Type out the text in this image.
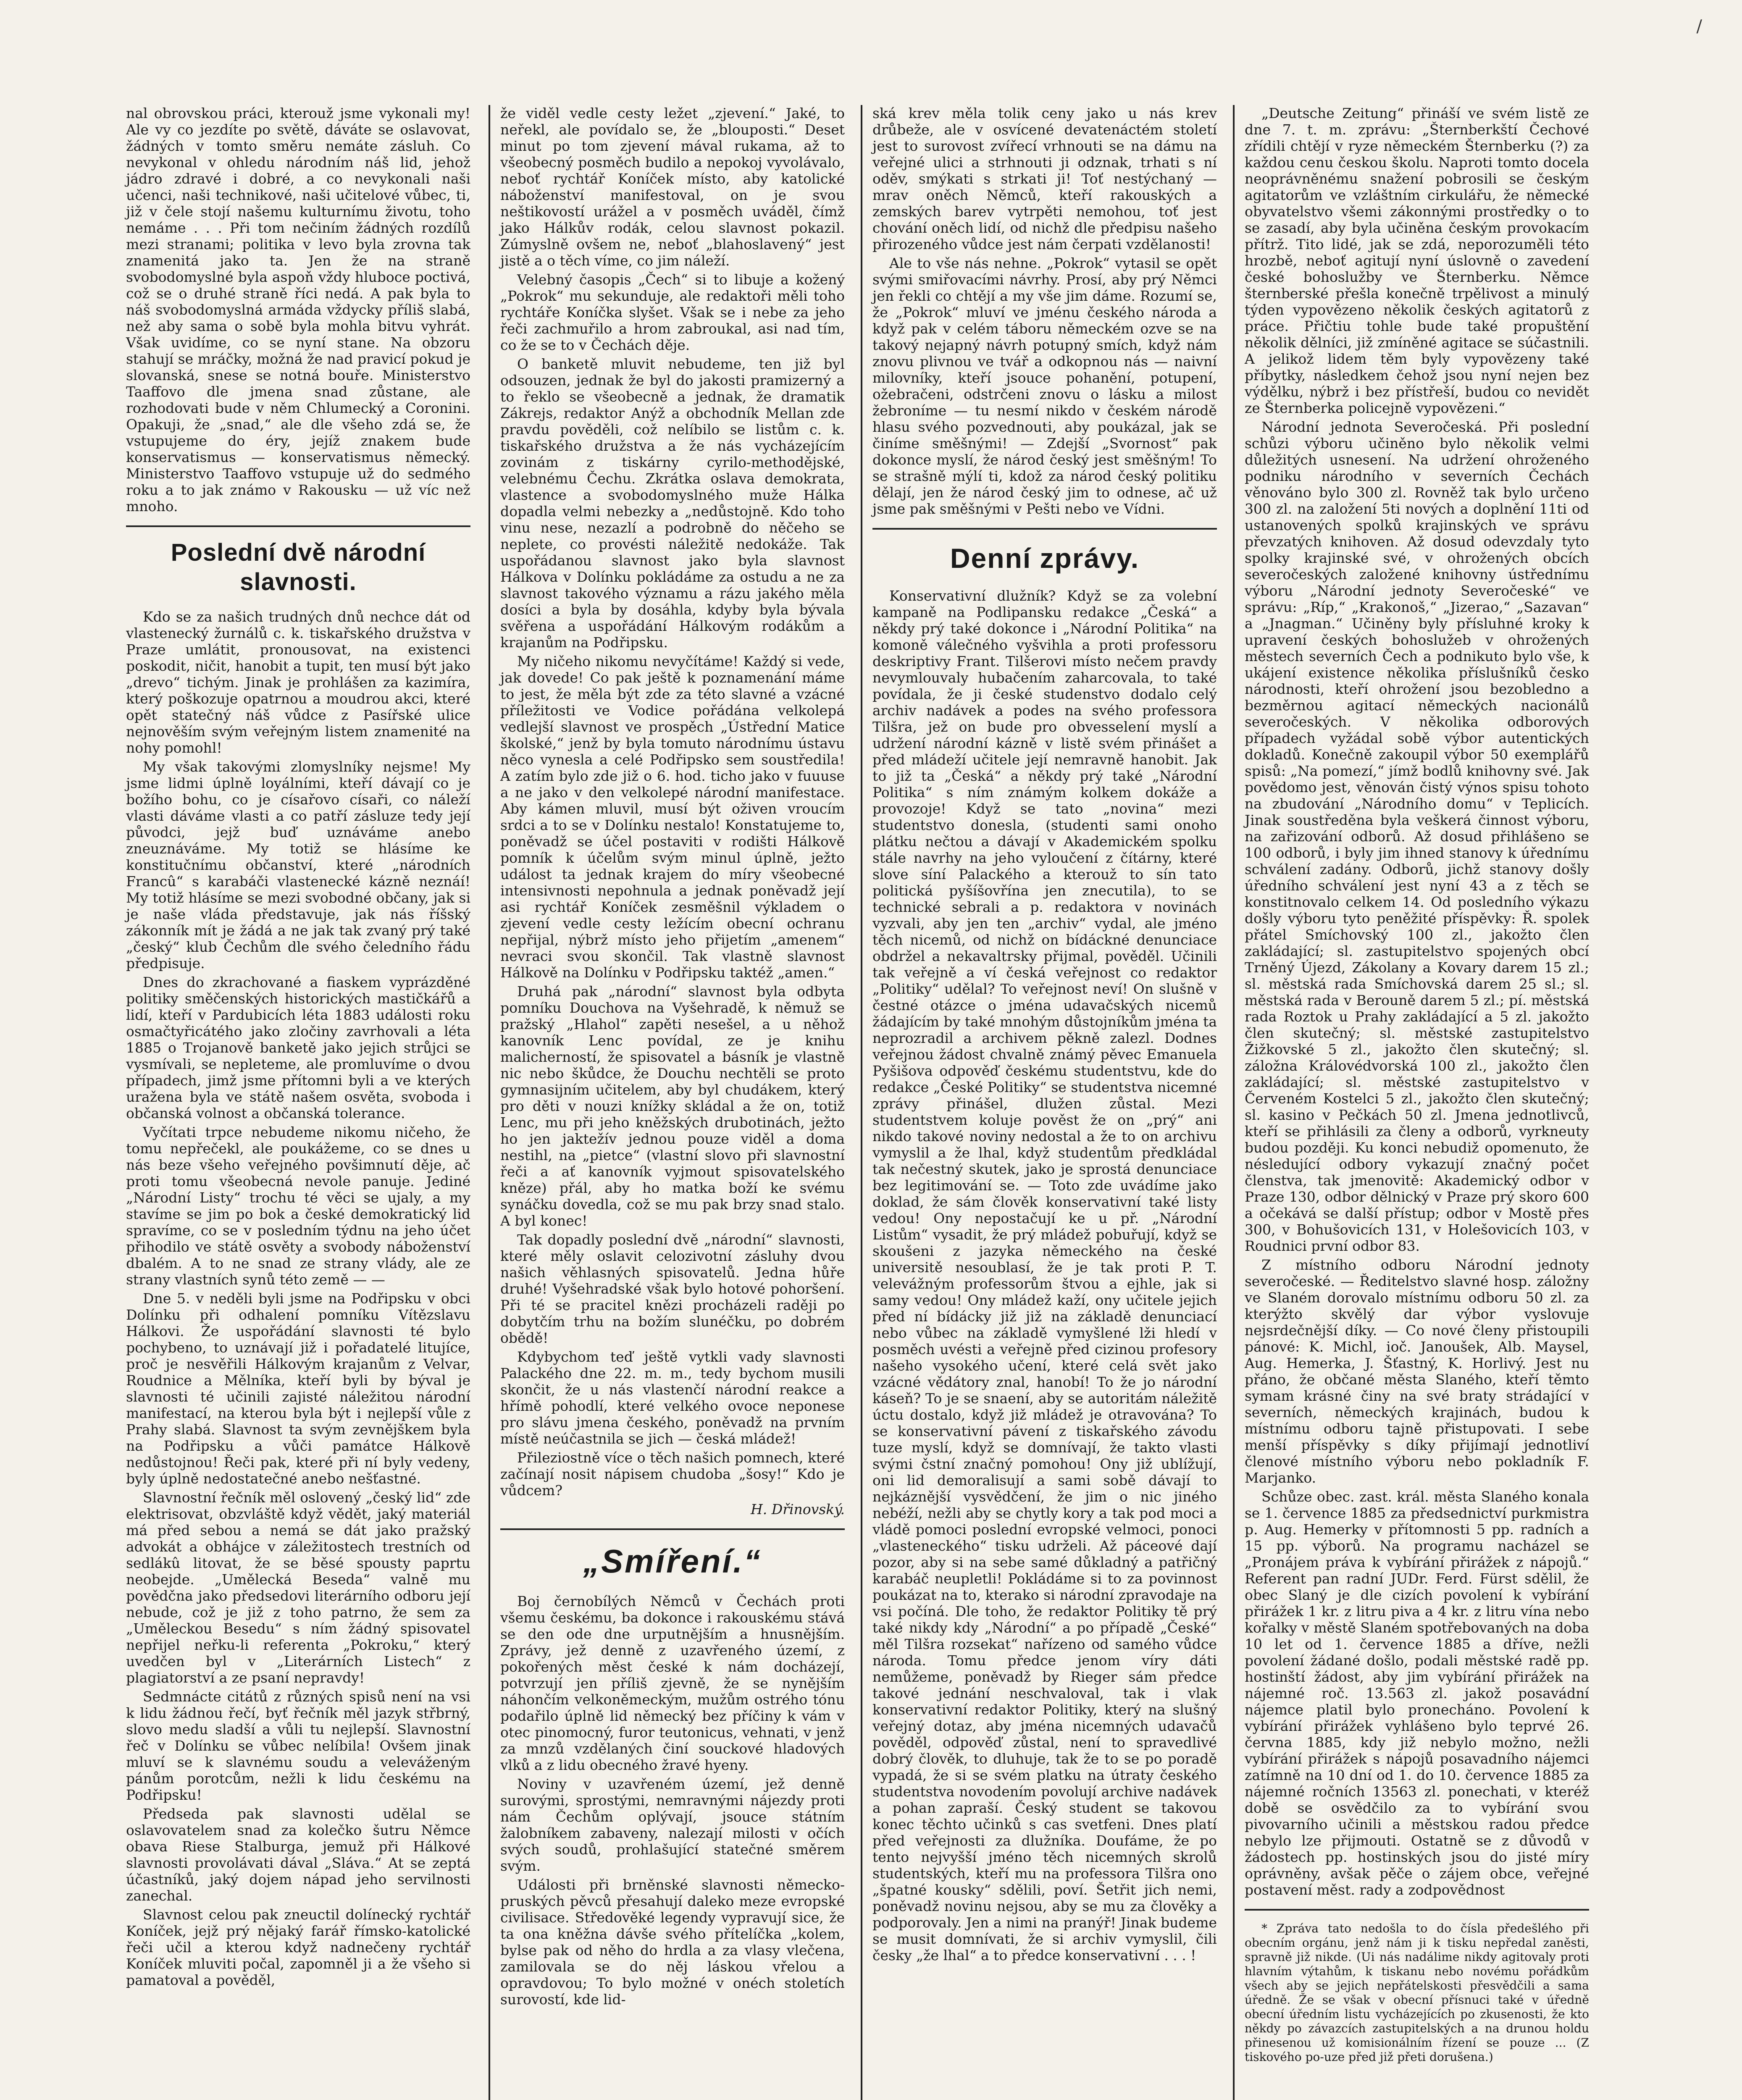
/

nal obrovskou práci, kterouž jsme vykonali my! Ale vy co jezdíte po světě, dáváte se oslavovat, žádných v tomto směru nemáte zásluh. Co nevykonal v ohledu národním náš lid, jehož jádro zdravé i dobré, a co nevykonali naši učenci, naši technikové, naši učitelové vůbec, ti, již v čele stojí našemu kulturnímu životu, toho nemáme . . . Při tom nečiním žádných rozdílů mezi stranami; politika v levo byla zrovna tak znamenitá jako ta. Jen že na straně svobodomyslné byla aspoň vždy hluboce poctivá, což se o druhé straně říci nedá. A pak byla to náš svobodomyslná armáda vždycky příliš slabá, než aby sama o sobě byla mohla bitvu vyhrát. Však uvidíme, co se nyní stane. Na obzoru stahují se mráčky, možná že nad pravicí pokud je slovanská, snese se notná bouře. Ministerstvo Taaffovo dle jmena snad zůstane, ale rozhodovati bude v něm Chlumecký a Coronini. Opakuji, že „snad,“ ale dle všeho zdá se, že vstupujeme do éry, jejíž znakem bude konservatismus — konservatismus německý. Ministerstvo Taaffovo vstupuje už do sedmého roku a to jak známo v Rakousku — už víc než mnoho.

Poslední dvě národní slavnosti.

Kdo se za našich trudných dnů nechce dát od vlastenecký žurnálů c. k. tiskařského družstva v Praze umlátit, pronousovat, na existenci poskodit, ničit, hanobit a tupit, ten musí být jako „drevo“ tichým. Jinak je prohlášen za kazimíra, který poškozuje opatrnou a moudrou akci, které opět statečný náš vůdce z Pasířské ulice nejnověším svým veřejným listem znamenité na nohy pomohl!

My však takovými zlomyslníky nejsme! My jsme lidmi úplně loyálními, kteří dávají co je božího bohu, co je císařovo císaři, co náleží vlasti dáváme vlasti a co patří zásluze tedy její původci, jejž buď uznáváme anebo zneuznáváme. My totiž se hlásíme ke konstitučnímu občanství, které „národních Francû“ s karabáči vlastenecké kázně neznáí! My totiž hlásíme se mezi svobodné občany, jak si je naše vláda představuje, jak nás říšský zákonník mít je žádá a ne jak tak zvaný prý také „český“ klub Čechům dle svého čeledního řádu předpisuje.

Dnes do zkrachované a fiaskem vyprázděné politiky směčenských historických mastičkářů a lidí, kteří v Pardubicích léta 1883 události roku osmačtyřicátého jako zločiny zavrhovali a léta 1885 o Trojanově banketě jako jejich strůjci se vysmívali, se nepleteme, ale promluvíme o dvou případech, jimž jsme přítomni byli a ve kterých uražena byla ve státě našem osvěta, svoboda i občanská volnost a občanská tolerance.

Vyčítati trpce nebudeme nikomu ničeho, že tomu nepřečekl, ale poukážeme, co se dnes u nás beze všeho veřejného povšimnutí děje, ač proti tomu všeobecná nevole panuje. Jediné „Národní Listy“ trochu té věci se ujaly, a my stavíme se jim po bok a české demokratický lid spravíme, co se v posledním týdnu na jeho účet přihodilo ve státě osvěty a svobody náboženství dbalém. A to ne snad ze strany vlády, ale ze strany vlastních synů této země — —

Dne 5. v neděli byli jsme na Podřipsku v obci Dolínku při odhalení pomníku Vítězslavu Hálkovi. Že uspořádání slavnosti té bylo pochybeno, to uznávají již i pořadatelé litujíce, proč je nesvěřili Hálkovým krajanům z Velvar, Roudnice a Mělníka, kteří byli by býval je slavnosti té učinili zajisté náležitou národní manifestací, na kterou byla být i nejlepší vůle z Prahy slabá. Slavnost ta svým zevnějškem byla na Podřipsku a vůči památce Hálkově nedůstojnou! Řeči pak, které při ní byly vedeny, byly úplně nedostatečné anebo nešťastné.

Slavnostní řečník měl oslovený „český lid“ zde elektrisovat, obzvláště když vědět, jaký materiál má před sebou a nemá se dát jako pražský advokát a obhájce v záležitostech trestních od sedlákû litovat, že se běsé spousty paprtu neobejde. „Umělecká Beseda“ valně mu povědčna jako předsedovi literárního odboru její nebude, což je již z toho patrno, že sem za „Uměleckou Besedu“ s ním žádný spisovatel nepřijel neřku-li referenta „Pokroku,“ který uvedčen byl v „Literárních Listech“ z plagiatorství a ze psaní nepravdy!

Sedmnácte citátů z různých spisů není na vsi k lidu žádnou řečí, byť řečník měl jazyk střbrný, slovo medu sladší a vůli tu nejlepší. Slavnostní řeč v Dolínku se vůbec nelíbila! Ovšem jinak mluví se k slavnému soudu a veleváženým pánům porotcům, nežli k lidu českému na Podřipsku!

Předseda pak slavnosti udělal se oslavovatelem snad za kolečko šutru Němce obava Riese Stalburga, jemuž při Hálkové slavnosti provolávati dával „Sláva.“ At se zeptá účastníků, jaký dojem nápad jeho servilnosti zanechal.

Slavnost celou pak zneuctil dolínecký rychtář Koníček, jejž prý nějaký farář římsko-katolické řeči učil a kterou když nadnečeny rychtář Koníček mluviti počal, zapomněl ji a že všeho si pamatoval a pověděl,

že viděl vedle cesty ležet „zjevení.“ Jaké, to neřekl, ale povídalo se, že „blouposti.“ Deset minut po tom zjevení mával rukama, až to všeobecný posměch budilo a nepokoj vyvolávalo, neboť rychtář Koníček místo, aby katolické náboženství manifestoval, on je svou neštikovostí urážel a v posměch uváděl, čímž jako Hálkův rodák, celou slavnost pokazil. Zúmyslně ovšem ne, neboť „blahoslavený“ jest jistě a o těch víme, co jim náleží.

Velebný časopis „Čech“ si to libuje a kožený „Pokrok“ mu sekunduje, ale redaktoři měli toho rychtáře Koníčka slyšet. Však se i nebe za jeho řeči zachmuřilo a hrom zabroukal, asi nad tím, co že se to v Čechách děje.

O banketě mluvit nebudeme, ten již byl odsouzen, jednak že byl do jakosti pramizerný a to řeklo se všeobecně a jednak, že dramatik Zákrejs, redaktor Anýž a obchodník Mellan zde pravdu pověděli, což nelíbilo se listům c. k. tiskařského družstva a že nás vycházejícím zovinám z tiskárny cyrilo-methodějské, velebnému Čechu. Zkrátka oslava demokrata, vlastence a svobodomyslného muže Hálka dopadla velmi nebezky a „nedůstojně. Kdo toho vinu nese, nezazlí a podrobně do něčeho se neplete, co provésti náležitě nedokáže. Tak uspořádanou slavnost jako byla slavnost Hálkova v Dolínku pokládáme za ostudu a ne za slavnost takového významu a rázu jakého měla dosíci a byla by dosáhla, kdyby byla bývala svěřena a uspořádání Hálkovým rodákům a krajanům na Podřipsku.

My ničeho nikomu nevyčítáme! Každý si vede, jak dovede! Co pak ještě k poznamenání máme to jest, že měla být zde za této slavné a vzácné příležitosti ve Vodice pořádána velkolepá vedlejší slavnost ve prospěch „Ústřední Matice školské,“ jenž by byla tomuto národnímu ústavu něco vynesla a celé Podřipsko sem soustředila! A zatím bylo zde již o 6. hod. ticho jako v fuuuse a ne jako v den velkolepé národní manifestace. Aby kámen mluvil, musí být oživen vroucím srdci a to se v Dolínku nestalo! Konstatujeme to, poněvadž se účel postaviti v rodišti Hálkově pomník k účelům svým minul úplně, ježto událost ta jednak krajem do míry všeobecné intensivnosti nepohnula a jednak poněvadž její asi rychtář Koníček zesměšnil výkladem o zjevení vedle cesty ležícím obecní ochranu nepřijal, nýbrž místo jeho přijetím „amenem“ nevraci svou skončil. Tak vlastně slavnost Hálkově na Dolínku v Podřipsku taktéž „amen.“

Druhá pak „národní“ slavnost byla odbyta pomníku Douchova na Vyšehradě, k němuž se pražský „Hlahol“ zapěti nesešel, a u něhož kanovník Lenc povídal, ze je knihu malicherností, že spisovatel a básník je vlastně nic nebo škůdce, že Douchu nechtěli se proto gymnasijním učitelem, aby byl chudákem, který pro děti v nouzi knížky skládal a že on, totiž Lenc, mu při jeho kněžských drubotinách, ježto ho jen jaktežív jednou pouze viděl a doma nestihl, na „pietce“ (vlastní slovo při slavnostní řeči a ať kanovník vyjmout spisovatelského kněze) přál, aby ho matka boží ke svému synáčku dovedla, což se mu pak brzy snad stalo. A byl konec!

Tak dopadly poslední dvě „národní“ slavnosti, které měly oslavit celozivotní zásluhy dvou našich věhlasných spisovatelů. Jedna hůře druhé! Vyšehradské však bylo hotové pohoršení. Při té se pracitel knězi procházeli raději po dobytčím trhu na božím slunéčku, po dobrém obědě!

Kdybychom teď ještě vytkli vady slavnosti Palackého dne 22. m. m., tedy bychom musili skončit, že u nás vlastenčí národní reakce a hřímě pohodlí, které velkého ovoce neponese pro slávu jmena českého, poněvadž na prvním místě neúčastnila se jich — česká mládež!

Přileziostně více o těch našich pomnech, které začínají nosit nápisem chudoba „šosy!“ Kdo je vůdcem?

H. Dřinovský.
„Smíření.“

Boj černobílých Němců v Čechách proti všemu českému, ba dokonce i rakouskému stává se den ode dne urputnějším a hnusnějším. Zprávy, jež denně z uzavřeného území, z pokořených měst české k nám docházejí, potvrzují jen příliš zjevně, že se nynějším náhončím velkoněmeckým, mužům ostrého tónu podařilo úplně lid německý bez příčiny k vám v otec pinomocný, furor teutonicus, vehnati, v jenž za mnzů vzdělaných činí souckové hladových vlků a z lidu obecného žravé hyeny.

Noviny v uzavřeném území, jež denně surovými, sprostými, nemravnými nájezdy proti nám Čechům oplývají, jsouce státním žalobníkem zabaveny, nalezají milosti v očích svých soudů, prohlašující statečné směrem svým.

Události při brněnské slavnosti německo-pruských pěvců přesahují daleko meze evropské civilisace. Středověké legendy vypravují sice, že ta ona kněžna dávše svého přítelíčka „kolem, bylse pak od něho do hrdla a za vlasy vlečena, zamilovala se do něj láskou vřelou a opravdovou; To bylo možné v onéch stoletích surovostí, kde lid-

ská krev měla tolik ceny jako u nás krev drůbeže, ale v osvícené devatenáctém století jest to surovost zvířecí vrhnouti se na dámu na veřejné ulici a strhnouti ji odznak, trhati s ní oděv, smýkati s strkati ji! Toť nestýchaný — mrav oněch Němců, kteří rakouských a zemských barev vytrpěti nemohou, toť jest chování oněch lidí, od nichž dle předpisu našeho přirozeného vůdce jest nám čerpati vzdělanosti!

Ale to vše nás nehne. „Pokrok“ vytasil se opět svými smiřovacími návrhy. Prosí, aby prý Němci jen řekli co chtějí a my vše jim dáme. Rozumí se, že „Pokrok“ mluví ve jménu českého národa a když pak v celém táboru německém ozve se na takový nejapný návrh potupný smích, když nám znovu plivnou ve tvář a odkopnou nás — naivní milovníky, kteří jsouce pohanění, potupení, ožebračeni, odstrčeni znovu o lásku a milost žebroníme — tu nesmí nikdo v českém národě hlasu svého pozvednouti, aby poukázal, jak se činíme směšnými! — Zdejší „Svornost“ pak dokonce myslí, že národ český jest směšným! To se strašně mýlí ti, kdož za národ český politiku dělají, jen že národ český jim to odnese, ač už jsme pak směšnými v Pešti nebo ve Vídni.

Denní zprávy.

Konservativní dlužník? Když se za volební kampaně na Podlipansku redakce „Česká“ a někdy prý také dokonce i „Národní Politika“ na komoně válečného vyšvihla a proti professoru deskriptivy Frant. Tilšerovi místo nečem pravdy nevymlouvaly hubačením zaharcovala, to také povídala, že ji české studenstvo dodalo celý archiv nadávek a podes na svého professora Tilšra, jež on bude pro obvesselení myslí a udržení národní kázně v listě svém přinášet a před mládeží učitele její nemravně hanobit. Jak to již ta „Česká“ a někdy prý také „Národní Politika“ s ním známým kolkem dokáže a provozoje! Když se tato „novina“ mezi studentstvo donesla, (studenti sami onoho plátku nečtou a dávají v Akademickém spolku stále navrhy na jeho vyloučení z čítárny, které slove síní Palackého a kterouž to sín tato politická pyšíšovřína jen znecutila), to se technické sebrali a p. redaktora v novinách vyzvali, aby jen ten „archiv“ vydal, ale jméno těch nicemů, od nichž on bídáckné denunciace obdržel a nekavaltrsky přijmal, pověděl. Učinili tak veřejně a ví česká veřejnost co redaktor „Politiky“ udělal? To veřejnost neví! On slušně v čestné otázce o jména udavačských nicemů žádajícím by také mnohým důstojníkům jména ta neprozradil a archivem pěkně zalezl. Dodnes veřejnou žádost chvalně známý pěvec Emanuela Pyšišova odpověď českému studentstvu, kde do redakce „České Politiky“ se studentstva nicemné zprávy přinášel, dlužen zůstal. Mezi studentstvem koluje pověst že on „prý“ ani nikdo takové noviny nedostal a že to on archivu vymyslil a že lhal, když studentům předkládal tak nečestný skutek, jako je sprostá denunciace bez legitimování se. — Toto zde uvádíme jako doklad, že sám člověk konservativní také listy vedou! Ony nepostačují ke u př. „Národní Listům“ vysadit, že prý mládež pobuřují, když se skoušeni z jazyka německého na české universitě nesoublasí, že je tak proti P. T. velevážným professorům štvou a ejhle, jak si samy vedou! Ony mládež kaží, ony učitele jejich před ní bídácky již již na základě denunciací nebo vůbec na základě vymyšlené lži hledí v posměch uvésti a veřejně před cizinou profesory našeho vysokého učení, které celá svět jako vzácné vědátory znal, hanobí! To že jo národní káseň? To je se snaení, aby se autoritám náležitě úctu dostalo, když již mládež je otravována? To se konservativní pávení z tiskařského závodu tuze myslí, když se domnívají, že takto vlasti svými čstní značný pomohou! Ony již ublížují, oni lid demoralisují a sami sobě dávají to nejkáznější vysvědčení, že jim o nic jiného nebéží, nežli aby se chytly kory a tak pod moci a vládě pomoci poslední evropské velmoci, ponoci „vlasteneckého“ tisku udrželi. Až páceové dají pozor, aby si na sebe samé důkladný a patřičný karabáč neupletli! Pokládáme si to za povinnost poukázat na to, kterako si národní zpravodaje na vsi počíná. Dle toho, že redaktor Politiky tě prý také nikdy kdy „Národní“ a po případě „České“ měl Tilšra rozsekat“ nařízeno od samého vůdce národa. Tomu předce jenom víry dáti nemůžeme, poněvadž by Rieger sám předce takové jednání neschvaloval, tak i vlak konservativní redaktor Politiky, který na slušný veřejný dotaz, aby jména nicemných udavačů pověděl, odpověď zůstal, není to spravedlivé dobrý člověk, to dluhuje, tak že to se po poradě vypadá, že si se svém platku na útraty českého studentstva novodením povolují archive nadávek a pohan zapraší. Český student se takovou konec těchto učinků s cas svetfeni. Dnes platí před veřejnosti za dlužníka. Doufáme, že po tento nejvyšší jméno těch nicemných skrolů studentských, kteří mu na professora Tilšra ono „špatné kousky“ sdělili, poví. Šetřit jich nemi, poněvadž novinu nejsou, aby se mu za člověky a podporovaly. Jen a nimi na pranýř! Jinak budeme se musit domnívati, že si archiv vymyslil, čili česky „že lhal“ a to předce konservativní . . . !

„Deutsche Zeitung“ přináší ve svém listě ze dne 7. t. m. zprávu: „Šternberkští Čechové zřídili chtějí v ryze německém Šternberku (?) za každou cenu českou školu. Naproti tomto docela neoprávněnému snažení pobrosili se českým agitatorům ve vzláštním cirkulářu, že německé obyvatelstvo všemi zákonnými prostředky o to se zasadí, aby byla učiněna českým provokacím přítrž. Tito lidé, jak se zdá, neporozuměli této hrozbě, neboť agitují nyní úslovně o zavedení české bohoslužby ve Šternberku. Němce šternberské přešla konečně trpělivost a minulý týden vypovězeno několik českých agitatorů z práce. Přičtiu tohle bude také propuštění několik dělníci, již zmíněné agitace se súčastnili. A jelikož lidem těm byly vypovězeny také příbytky, následkem čehož jsou nyní nejen bez výdělku, nýbrž i bez přístřeší, budou co nevidět ze Šternberka policejně vypovězeni.“

Národní jednota Severočeská. Při poslední schůzi výboru učiněno bylo několik velmi důležitých usnesení. Na udržení ohroženého podniku národního v severních Čechách věnováno bylo 300 zl. Rovněž tak bylo určeno 300 zl. na založení 5ti nových a doplnění 11ti od ustanovených spolků krajinských ve správu převzatých knihoven. Až dosud odevzdaly tyto spolky krajinské své, v ohrožených obcích severočeských založené knihovny ústřednímu výboru „Národní jednoty Severočeské“ ve správu: „Ríp,“ „Krakonoš,“ „Jizerao,“ „Sazavan“ a „Jnagman.“ Učiněny byly přísluhné kroky k upravení českých bohoslužeb v ohrožených městech severních Čech a podnikuto bylo vše, k ukájení existence několika příslušníků česko národnosti, kteří ohrožení jsou bezobledno a bezměrnou agitací německých nacionálů severočeských. V několika odborových případech vyžádal sobě výbor autentických dokladů. Konečně zakoupil výbor 50 exemplářů spisů: „Na pomezí,“ jímž bodlů knihovny své. Jak povědomo jest, věnován čistý výnos spisu tohoto na zbudování „Národního domu“ v Teplicích. Jinak soustředěna byla veškerá činnost výboru, na zařizování odborů. Až dosud přihlášeno se 100 odborů, i byly jim ihned stanovy k úřednímu schválení zadány. Odborů, jichž stanovy došly úředního schválení jest nyní 43 a z těch se konstitnovalo celkem 14. Od posledního výkazu došly výboru tyto peněžité příspěvky: Ř. spolek přátel Smíchovský 100 zl., jakožto člen zakládající; sl. zastupitelstvo spojených obcí Trněný Újezd, Zákolany a Kovary darem 15 zl.; sl. městská rada Smíchovská darem 25 sl.; sl. městská rada v Berouně darem 5 zl.; pí. městská rada Roztok u Prahy zakládající a 5 zl. jakožto člen skutečný; sl. městské zastupitelstvo Žižkovské 5 zl., jakožto člen skutečný; sl. záložna Královédvorská 100 zl., jakožto člen zakládající; sl. městské zastupitelstvo v Červeném Kostelci 5 zl., jakožto člen skutečný; sl. kasino v Pečkách 50 zl. Jmena jednotlivců, kteří se přihlásili za členy a odborů, vyrkneuty budou později. Ku konci nebudiž opomenuto, že nésledující odbory vykazují značný počet členstva, tak jmenovitě: Akademický odbor v Praze 130, odbor dělnický v Praze prý skoro 600 a očekává se další přístup; odbor v Mostě přes 300, v Bohušovicích 131, v Holešovicích 103, v Roudnici první odbor 83.

Z místního odboru Národní jednoty severočeské. — Ředitelstvo slavné hosp. záložny ve Slaném dorovalo místnímu odboru 50 zl. za kterýžto skvělý dar výbor vyslovuje nejsrdečnější díky. — Co nové členy přistoupili pánové: K. Michl, ioč. Janoušek, Alb. Maysel, Aug. Hemerka, J. Šťastný, K. Horlivý. Jest nu přáno, že občané města Slaného, kteří těmto symam krásné činy na své braty strádající v severních, německých krajinách, budou k místnímu odboru tajně přistupovati. I sebe menší příspěvky s díky přijímají jednotliví členové místního výboru nebo pokladník F. Marjanko.

Schůze obec. zast. král. města Slaného konala se 1. července 1885 za předsednictví purkmistra p. Aug. Hemerky v přítomnosti 5 pp. radních a 15 pp. výborů. Na programu nacházel se „Pronájem práva k vybírání přirážek z nápojů.“ Referent pan radní JUDr. Ferd. Fürst sdělil, že obec Slaný je dle cizích povolení k vybírání přirážek 1 kr. z litru piva a 4 kr. z litru vína nebo kořalky v městě Slaném spotřebovaných na doba 10 let od 1. července 1885 a dříve, nežli povolení žádané došlo, podali městské radě pp. hostinští žádost, aby jim vybírání přirážek na nájemné roč. 13.563 zl. jakož posavádní nájemce platil bylo pronecháno. Povolení k vybírání přirážek vyhlášeno bylo teprvé 26. června 1885, kdy již nebylo možno, nežli vybírání přirážek s nápojů posavadního nájemci zatímně na 10 dní od 1. do 10. července 1885 za nájemné ročních 13563 zl. ponechati, v kteréž době se osvědčilo za to vybírání svou pivovarního učinili a městskou radou předce nebylo lze přijmouti. Ostatně se z důvodů v žádostech pp. hostinských jsou do jisté míry oprávněny, avšak pěče o zájem obce, veřejné postavení měst. rady a zodpovědnost

* Zpráva tato nedošla to do čísla předešlého při obecním orgánu, jenž nám ji k tisku nepředal zaněsti, spravně již nikde. (Ui nás nadálime nikdy agitovaly proti hlavním výtahům, k tiskanu nebo novému pořádkům všech aby se jejich nepřátelskosti přesvědčili a sama úředně. Že se však v obecní přísnuci také v úředně obecní úředním listu vycházejících po zkusenosti, že kto někdy po závazcích zastupitelských a na drunou holdu přinesenou už komisionálním řízení se pouze ... (Z tiskového po-uze před již přeti dorušena.)
